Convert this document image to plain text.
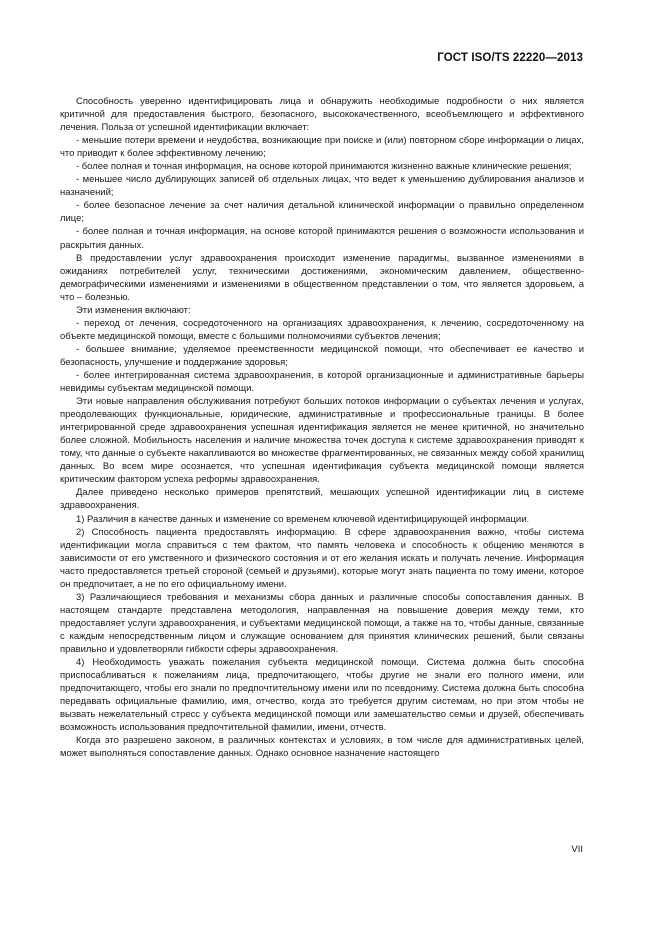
ГОСТ ISO/TS 22220—2013

Способность уверенно идентифицировать лица и обнаружить необходимые подробности о них является критичной для предоставления быстрого, безопасного, высококачественного, всеобъемлющего и эффективного лечения. Польза от успешной идентификации включает:

- меньшие потери времени и неудобства, возникающие при поиске и (или) повторном сборе информации о лицах, что приводит к более эффективному лечению;

- более полная и точная информация, на основе которой принимаются жизненно важные клинические решения;

- меньшее число дублирующих записей об отдельных лицах, что ведет к уменьшению дублирования анализов и назначений;

- более безопасное лечение за счет наличия детальной клинической информации о правильно определенном лице;

- более полная и точная информация, на основе которой принимаются решения о возможности использования и раскрытия данных.

В предоставлении услуг здравоохранения происходит изменение парадигмы, вызванное изменениями в ожиданиях потребителей услуг, техническими достижениями, экономическим давлением, общественно-демографическими изменениями и изменениями в общественном представлении о том, что является здоровьем, а что – болезнью.

Эти изменения включают:

- переход от лечения, сосредоточенного на организациях здравоохранения, к лечению, сосредоточенному на объекте медицинской помощи, вместе с большими полномочиями субъектов лечения;

- большее внимание, уделяемое преемственности медицинской помощи, что обеспечивает ее качество и безопасность, улучшение и поддержание здоровья;

- более интегрированная система здравоохранения, в которой организационные и административные барьеры невидимы субъектам медицинской помощи.

Эти новые направления обслуживания потребуют больших потоков информации о субъектах лечения и услугах, преодолевающих функциональные, юридические, административные и профессиональные границы. В более интегрированной среде здравоохранения успешная идентификация является не менее критичной, но значительно более сложной. Мобильность населения и наличие множества точек доступа к системе здравоохранения приводят к тому, что данные о субъекте накапливаются во множестве фрагментированных, не связанных между собой хранилищ данных. Во всем мире осознается, что успешная идентификация субъекта медицинской помощи является критическим фактором успеха реформы здравоохранения.

Далее приведено несколько примеров препятствий, мешающих успешной идентификации лиц в системе здравоохранения.

1) Различия в качестве данных и изменение со временем ключевой идентифицирующей информации.

2) Способность пациента предоставлять информацию. В сфере здравоохранения важно, чтобы система идентификации могла справиться с тем фактом, что память человека и способность к общению меняются в зависимости от его умственного и физического состояния и от его желания искать и получать лечение. Информация часто предоставляется третьей стороной (семьей и друзьями), которые могут знать пациента по тому имени, которое он предпочитает, а не по его официальному имени.

3) Различающиеся требования и механизмы сбора данных и различные способы сопоставления данных. В настоящем стандарте представлена методология, направленная на повышение доверия между теми, кто предоставляет услуги здравоохранения, и субъектами медицинской помощи, а также на то, чтобы данные, связанные с каждым непосредственным лицом и служащие основанием для принятия клинических решений, были связаны правильно и удовлетворяли гибкости сферы здравоохранения.

4) Необходимость уважать пожелания субъекта медицинской помощи. Система должна быть способна приспосабливаться к пожеланиям лица, предпочитающего, чтобы другие не знали его полного имени, или предпочитающего, чтобы его знали по предпочтительному имени или по псевдониму. Система должна быть способна передавать официальные фамилию, имя, отчество, когда это требуется другим системам, но при этом чтобы не вызвать нежелательный стресс у субъекта медицинской помощи или замешательство семьи и друзей, обеспечивать возможность использования предпочтительной фамилии, имени, отчеств.

Когда это разрешено законом, в различных контекстах и условиях, в том числе для административных целей, может выполняться сопоставление данных. Однако основное назначение настоящего

VII
